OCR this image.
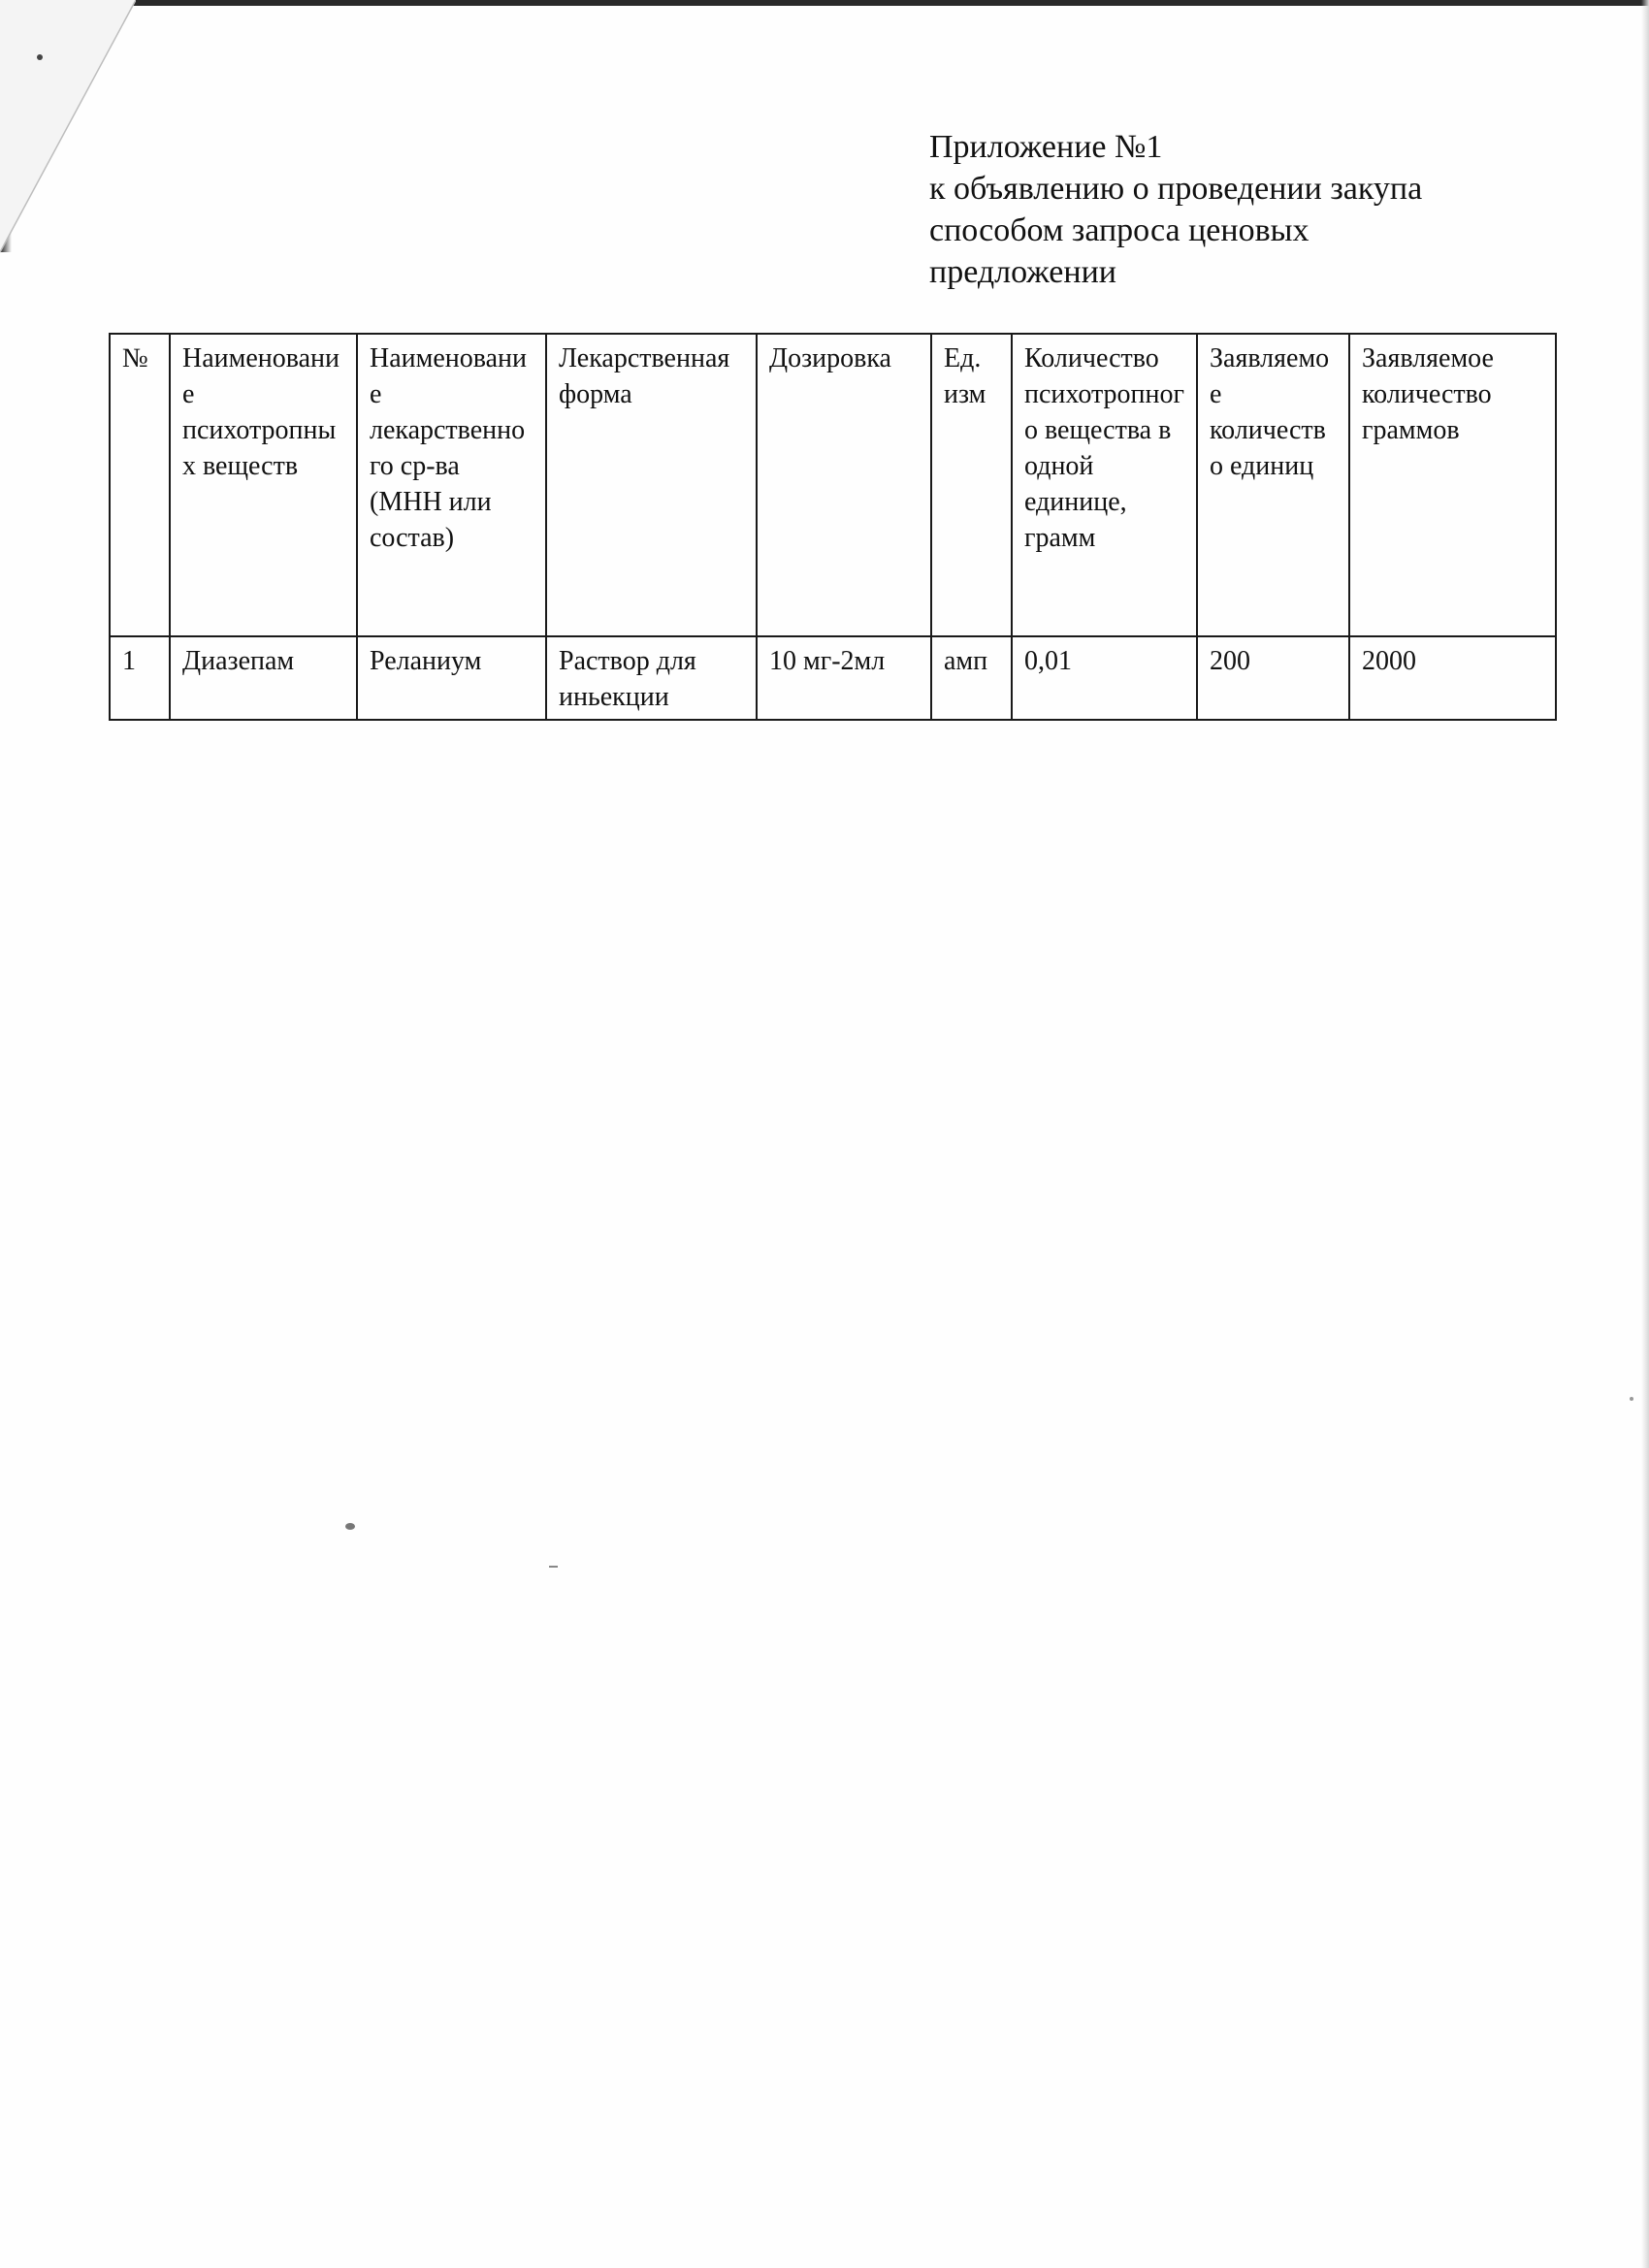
Приложение №1
к объявлению о проведении закупа
способом запроса ценовых
предложении
№	Наименование психотропных веществ	Наименование лекарственного ср-ва (МНН или состав)	Лекарственная форма	Дозировка	Ед. изм	Количество психотропного вещества в одной единице, грамм	Заявляемое количество единиц	Заявляемое количество граммов
1	Диазепам	Реланиум	Раствор для иньекции	10 мг-2мл	амп	0,01	200	2000
